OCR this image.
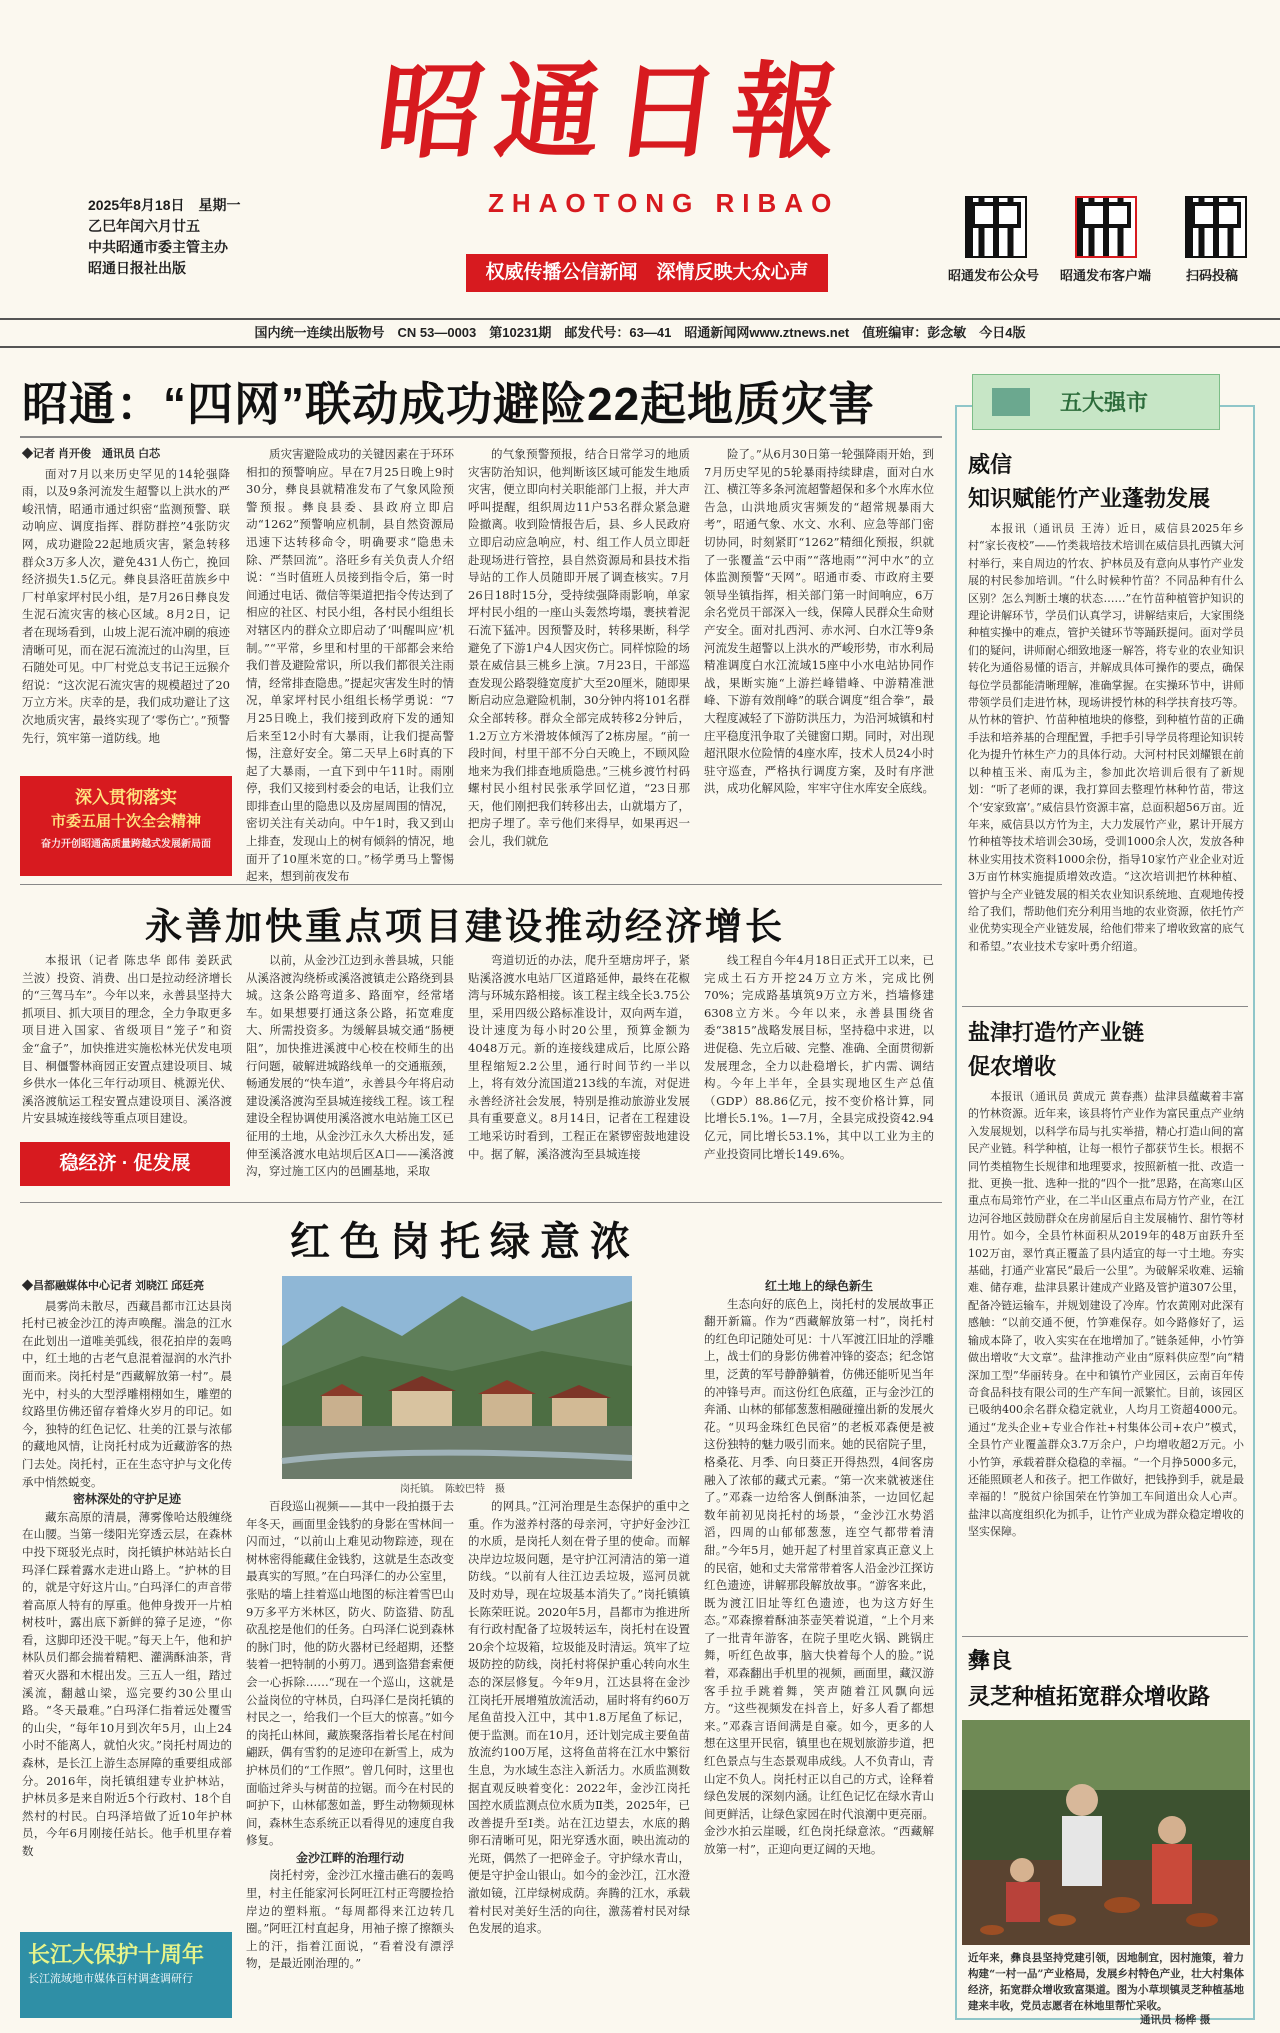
昭通日報
ZHAOTONG RIBAO
权威传播公信新闻　深情反映大众心声
2025年8月18日　星期一
乙巳年闰六月廿五
中共昭通市委主管主办
昭通日报社出版	昭通发布公众号 昭通发布客户端	扫码投稿
国内统一连续出版物号　CN 53—0003　第10231期　邮发代号：63—41　昭通新闻网www.ztnews.net　值班编审：彭念敏　今日4版
昭通：“四网”联动成功避险22起地质灾害
◆记者 肖开俊　通讯员 白芯

面对7月以来历史罕见的14轮强降雨，以及9条河流发生超警以上洪水的严峻汛情，昭通市通过织密“监测预警、联动响应、调度指挥、群防群控”4张防灾网，成功避险22起地质灾害，紧急转移群众3万多人次，避免431人伤亡，挽回经济损失1.5亿元。彝良县洛旺苗族乡中厂村单家坪村民小组，是7月26日彝良发生泥石流灾害的核心区域。8月2日，记者在现场看到，山坡上泥石流冲刷的痕迹清晰可见，而在泥石流流过的山沟里，巨石随处可见。中厂村党总支书记王远猴介绍说：“这次泥石流灾害的规模超过了20万立方米。庆幸的是，我们成功避让了这次地质灾害，最终实现了‘零伤亡’。”预警先行，筑牢第一道防线。地

质灾害避险成功的关键因素在于环环相扣的预警响应。早在7月25日晚上9时30分，彝良县就精准发布了气象风险预警预报。彝良县委、县政府立即启动“1262”预警响应机制，县自然资源局迅速下达转移命令，明确要求“隐患未除、严禁回流”。洛旺乡有关负责人介绍说：“当时值班人员接到指令后，第一时间通过电话、微信等渠道把指令传达到了相应的社区、村民小组，各村民小组组长对辖区内的群众立即启动了‘叫醒叫应’机制。”“平常，乡里和村里的干部都会来给我们普及避险常识，所以我们都很关注雨情，经常排查隐患。”提起灾害发生时的情况，单家坪村民小组组长杨学勇说：“7月25日晚上，我们接到政府下发的通知后来至12小时有大暴雨，让我们提高警惕，注意好安全。第二天早上6时真的下起了大暴雨，一直下到中午11时。雨刚停，我们又接到村委会的电话，让我们立即排查山里的隐患以及房屋周围的情况，密切关注有关动向。中午1时，我又到山上排查，发现山上的树有倾斜的情况，地面开了10厘米宽的口。”杨学勇马上警惕起来，想到前夜发布

的气象预警预报，结合日常学习的地质灾害防治知识，他判断该区域可能发生地质灾害，便立即向村关职能部门上报，并大声呼叫提醒，组织周边11户53名群众紧急避险撤离。收到险情报告后，县、乡人民政府立即启动应急响应，村、组工作人员立即赶赴现场进行管控，县自然资源局和县技术指导站的工作人员随即开展了调查核实。7月26日18时15分，受持续强降雨影响，单家坪村民小组的一座山头轰然垮塌，裹挟着泥石流下猛冲。因预警及时，转移果断，科学避免了下游1户4人因灾伤亡。同样惊险的场景在威信县三桃乡上演。7月23日，干部巡查发现公路裂缝宽度扩大至20厘米，随即果断启动应急避险机制，30分钟内将101名群众全部转移。群众全部完成转移2分钟后，1.2万立方米滑坡体倾泻了2栋房屋。“前一段时间，村里干部不分白天晚上，不顾风险地来为我们排查地质隐患。”三桃乡渡竹村码螺村民小组村民张承学回忆道，“23日那天，他们刚把我们转移出去，山就塌方了，把房子埋了。幸亏他们来得早，如果再迟一会儿，我们就危

险了。”从6月30日第一轮强降雨开始，到7月历史罕见的5轮暴雨持续肆虐，面对白水江、横江等多条河流超警超保和多个水库水位告急，山洪地质灾害频发的“超常规暴雨大考”，昭通气象、水文、水利、应急等部门密切协同，时刻紧盯“1262”精细化预报，织就了一张覆盖“云中雨”“落地雨”“河中水”的立体监测预警“天网”。昭通市委、市政府主要领导坐镇指挥，相关部门第一时间响应，6万余名党员干部深入一线，保障人民群众生命财产安全。面对扎西河、赤水河、白水江等9条河流发生超警以上洪水的严峻形势，市水利局精准调度白水江流域15座中小水电站协同作战，果断实施“上游拦峰错峰、中游精准泄峰、下游有效削峰”的联合调度“组合拳”，最大程度减轻了下游防洪压力，为沿河城镇和村庄平稳度汛争取了关键窗口期。同时，对出现超汛限水位险情的4座水库，技术人员24小时驻守巡查，严格执行调度方案，及时有序泄洪，成功化解风险，牢牢守住水库安全底线。

深入贯彻落实
市委五届十次全会精神
奋力开创昭通高质量跨越式发展新局面
永善加快重点项目建设推动经济增长

本报讯（记者 陈忠华 郎伟 姜跃武 兰波）投资、消费、出口是拉动经济增长的“三驾马车”。今年以来，永善县坚持大抓项目、抓大项目的理念，全力争取更多项目进入国家、省级项目“笼子”和资金“盒子”，加快推进实施松林光伏发电项目、桐僵警林商园正安置点建设项目、城乡供水一体化三年行动项目、桃源光伏、溪洛渡航运工程安置点建设项目、溪洛渡片安县城连接线等重点项目建设。

以前，从金沙江边到永善县城，只能从溪洛渡沟绕桥或溪洛渡镇走公路绕到县城。这条公路弯道多、路面窄，经常堵车。如果想要打通这条公路，拓宽难度大、所需投资多。为缓解县城交通“肠梗阻”，加快推进溪渡中心校在校师生的出行问题，破解进城路线单一的交通瓶颈，畅通发展的“快车道”，永善县今年将启动建设溪洛渡沟至县城连接线工程。该工程建设全程协调使用溪洛渡水电站施工区已征用的土地，从金沙江永久大桥出发，延伸至溪洛渡水电站坝后区A口——溪洛渡沟，穿过施工区内的邑圃基地，采取

弯道切近的办法，爬升至塘房坪子，紧贴溪洛渡水电站厂区道路延伸，最终在花椒湾与环城东路相接。该工程主线全长3.75公里，采用四级公路标准设计，双向两车道，设计速度为每小时20公里，预算金额为4048万元。新的连接线建成后，比原公路里程缩短2.2公里，通行时间节约一半以上，将有效分流国道213线的车流，对促进永善经济社会发展，特别是推动旅游业发展具有重要意义。8月14日，记者在工程建设工地采访时看到，工程正在紧锣密鼓地建设中。据了解，溪洛渡沟至县城连接

线工程自今年4月18日正式开工以来，已完成土石方开挖24万立方米，完成比例70%；完成路基填筑9万立方米，挡墙修建6308立方米。今年以来，永善县围绕省委“3815”战略发展目标，坚持稳中求进，以进促稳、先立后破、完整、准确、全面贯彻新发展理念，全力以赴稳增长，扩内需、调结构。今年上半年，全县实现地区生产总值（GDP）88.86亿元，按不变价格计算，同比增长5.1%。1—7月，全县完成投资42.94亿元，同比增长53.1%，其中以工业为主的产业投资同比增长149.6%。

稳经济 · 促发展
红色岗托绿意浓
◆昌都融媒体中心记者 刘晓江 邱廷亮

晨雾尚未散尽，西藏昌都市江达县岗托村已被金沙江的涛声唤醒。湍急的江水在此划出一道唯美弧线，很花拍岸的轰鸣中，红土地的古老气息混着湿润的水汽扑面而来。岗托村是“西藏解放第一村”。晨光中，村头的大型浮雕栩栩如生，雕塑的纹路里仿佛还留存着烽火岁月的印记。如今，独特的红色记忆、壮美的江景与浓郁的藏地风情，让岗托村成为近藏游客的热门去处。岗托村，正在生态守护与文化传承中悄然蜕变。

密林深处的守护足迹

藏东高原的清晨，薄雾像哈达般缠绕在山腰。当第一缕阳光穿透云层，在森林中投下斑驳光点时，岗托镇护林站站长白玛泽仁踩着露水走进山路上。“护林的目的，就是守好这片山。”白玛泽仁的声音带着高原人特有的厚重。他伸身拨开一片柏树枝叶，露出底下新鲜的獐子足迹，“你看，这脚印还没干呢。”每天上午，他和护林队员们都会揣着精粑、灌满酥油茶，背着灭火器和木棍出发。三五人一组，踏过溪流，翻越山梁，巡完要约30公里山路。“冬天最难。”白玛泽仁指着远处覆雪的山尖，“每年10月到次年5月，山上24小时不能离人，就怕火灾。”岗托村周边的森林，是长江上游生态屏障的重要组成部分。2016年，岗托镇组建专业护林站，护林员多是来自附近5个行政村、18个自然村的村民。白玛泽培做了近10年护林员，今年6月刚接任站长。他手机里存着数

岗托镇。　陈蛟巴特　摄

百段巡山视频——其中一段拍摄于去年冬天，画面里金钱豹的身影在雪林间一闪而过，“以前山上难见动物踪迹，现在树林密得能藏住金钱豹，这就是生态改变最真实的写照。”在白玛泽仁的办公室里，张贴的墙上挂着巡山地图的标注着雪巴山9万多平方米林区，防火、防盗猎、防乱砍乱挖是他们的任务。白玛泽仁说到森林的脉门时，他的防火器材已经超期，还整装着一把特制的小剪刀。遇到盗猎套索便会一心拆除……“现在一个巡山，这就是公益岗位的守林员，白玛泽仁是岗托镇的村民之一，给我们一个巨大的惊喜。”如今的岗托山林间，藏族聚落指着长尾在村间翩跃，偶有雪豹的足迹印在新雪上，成为护林员们的“工作照”。曾几何时，这里也面临过斧头与树苗的拉锯。而今在村民的呵护下，山林郁葱如盖，野生动物频现林间，森林生态系统正以看得见的速度自我修复。

金沙江畔的治理行动

岗托村旁，金沙江水撞击礁石的轰鸣里，村主任能家河长阿旺江村正弯腰捡拾岸边的塑料瓶。“每周都得来江边转几圈。”阿旺江村直起身，用袖子擦了擦额头上的汗，指着江面说，“看着没有漂浮物，是最近刚治理的。”

的网具。”江河治理是生态保护的重中之重。作为滋养村落的母亲河，守护好金沙江的水质，是岗托人刻在骨子里的使命。而解决岸边垃圾问题，是守护江河清洁的第一道防线。“以前有人往江边丢垃圾，巡河员就及时劝导，现在垃圾基本消失了。”岗托镇镇长陈荣旺说。2020年5月，昌都市为推进所有行政村配备了垃圾转运车，岗托村在设置20余个垃圾箱，垃圾能及时清运。筑牢了垃圾防控的防线，岗托村将保护重心转向水生态的深层修复。今年9月，江达县将在金沙江岗托开展增殖放流活动，届时将有约60万尾鱼苗投入江中，其中1.8万尾鱼了标记，便于监测。而在10月，还计划完成主要鱼苗放流约100万尾，这将鱼苗将在江水中繁衍生息，为水域生态注入新活力。水质监测数据直观反映着变化：2022年，金沙江岗托国控水质监测点位水质为Ⅱ类，2025年，已改善提升至Ⅰ类。站在江边望去，水底的鹅卵石清晰可见，阳光穿透水面，映出流动的光斑，偶然了一把碎金子。守护绿水青山，便是守护金山银山。如今的金沙江，江水澄澈如镜，江岸绿树成荫。奔腾的江水，承载着村民对美好生活的向往，激荡着村民对绿色发展的追求。

红土地上的绿色新生

生态向好的底色上，岗托村的发展故事正翻开新篇。作为“西藏解放第一村”，岗托村的红色印记随处可见：十八军渡江旧址的浮雕上，战士们的身影仿佛着冲锋的姿态；纪念馆里，泛黄的军号静静躺着，仿佛还能听见当年的冲锋号声。而这份红色底蕴，正与金沙江的奔涌、山林的郁郁葱葱相融碰撞出新的发展火花。“贝玛金珠红色民宿”的老板邓森便是被这份独特的魅力吸引而来。她的民宿院子里，格桑花、月季、向日葵正开得热烈，4间客房融入了浓郁的藏式元素。“第一次来就被迷住了。”邓森一边给客人倒酥油茶，一边回忆起数年前初见岗托村的场景，“金沙江水势滔滔，四周的山郁郁葱葱，连空气都带着清甜。”今年5月，她开起了村里首家真正意义上的民宿，她和丈夫常常带着客人沿金沙江探访红色遗迹，讲解那段解放故事。“游客来此，既为渡江旧址等红色遗迹，也为这方好生态。”邓森擦着酥油茶壶笑着说道，“上个月来了一批青年游客，在院子里吃火锅、跳锅庄舞，听红色故事，脑大快着每个人的脸。”说着，邓森翻出手机里的视频，画面里，藏汉游客手拉手跳着舞，笑声随着江风飘向远方。“这些视频发在抖音上，好多人看了都想来。”邓森言语间满是自豪。如今，更多的人想在这里开民宿，镇里也在规划旅游步道，把红色景点与生态景观串成线。人不负青山，青山定不负人。岗托村正以自己的方式，诠释着绿色发展的深刻内涵。让红色记忆在绿水青山间更鲜活，让绿色家园在时代浪潮中更亮丽。金沙水拍云崖暖，红色岗托绿意浓。“西藏解放第一村”，正迎向更辽阔的天地。

长江大保护十周年
长江流域地市媒体百村调查调研行
五大强市
威信
知识赋能竹产业蓬勃发展

本报讯（通讯员 王涛）近日，威信县2025年乡村“家长夜校”——竹类栽培技术培训在威信县扎西镇大河村举行，来自周边的竹农、护林员及有意向从事竹产业发展的村民参加培训。“什么时候种竹苗？不同品种有什么区别？怎么判断土壤的状态……”在竹苗种植管护知识的理论讲解环节，学员们认真学习，讲解结束后，大家围绕种植实操中的难点，管护关键环节等踊跃提问。面对学员们的疑问，讲师耐心细致地逐一解答，将专业的农业知识转化为通俗易懂的语言，并解成具体可操作的要点，确保每位学员都能清晰理解，准确掌握。在实操环节中，讲师带领学员们走进竹林，现场讲授竹林的科学扶育技巧等。从竹林的管护、竹苗种植地块的修整，到种植竹苗的正确手法和培养基的合理配置，手把手引导学员将理论知识转化为提升竹林生产力的具体行动。大河村村民刘耀银在前以种植玉米、南瓜为主，参加此次培训后很有了新规划：“听了老师的课，我打算回去整理竹林种竹苗，带这个‘安家致富’。”威信县竹资源丰富，总面积超56万亩。近年来，威信县以方竹为主，大力发展竹产业，累计开展方竹种植等技术培训会30场，受训1000余人次，发放各种林业实用技术资料1000余份，指导10家竹产业企业对近3万亩竹林实施提质增效改造。“这次培训把竹林种植、管护与全产业链发展的相关农业知识系统地、直观地传授给了我们，帮助他们充分利用当地的农业资源，依托竹产业优势实现全产业链发展，给他们带来了增收致富的底气和希望。”农业技术专家叶勇介绍道。

盐津打造竹产业链
促农增收

本报讯（通讯员 黄成元 黄春燕）盐津县蕴藏着丰富的竹林资源。近年来，该县将竹产业作为富民重点产业纳入发展规划，以科学布局与扎实举措，精心打造山间的富民产业链。科学种植，让每一根竹子都获节生长。根据不同竹类植物生长规律和地理要求，按照新植一批、改造一批、更换一批、选种一批的“四个一批”思路，在高寒山区重点布局筇竹产业，在二半山区重点布局方竹产业，在江边河谷地区鼓励群众在房前屋后自主发展楠竹、甜竹等材用竹。如今，全县竹林面积从2019年的48万亩跃升至102万亩，翠竹真正覆盖了县内适宜的每一寸土地。夯实基础，打通产业富民“最后一公里”。为破解采收难、运输难、储存难，盐津县累计建成产业路及管护道307公里，配备冷链运输车，并规划建设了冷库。竹农黄刚对此深有感触：“以前交通不便，竹笋难保存。如今路修好了，运输成本降了，收入实实在在地增加了。”链条延伸，小竹笋做出增收“大文章”。盐津推动产业由“原料供应型”向“精深加工型”华丽转身。在中和镇竹产业园区，云南百年传奇食品科技有限公司的生产车间一派繁忙。目前，该园区已吸纳400余名群众稳定就业，人均月工资超4000元。通过“龙头企业+专业合作社+村集体公司+农户”模式，全县竹产业覆盖群众3.7万余户，户均增收超2万元。小小竹笋，承载着群众稳稳的幸福。“一个月挣5000多元，还能照顾老人和孩子。把工作做好，把钱挣到手，就是最幸福的！”脱贫户徐国荣在竹笋加工车间道出众人心声。盐津以高度组织化为抓手，让竹产业成为群众稳定增收的坚实保障。

彝良
灵芝种植拓宽群众增收路
近年来，彝良县坚持党建引领，因地制宜，因村施策，着力构建“一村一品”产业格局，发展乡村特色产业，壮大村集体经济，拓宽群众增收致富渠道。图为小草坝镇灵芝种植基地建来丰收，党员志愿者在林地里帮忙采收。
通讯员 杨桦 摄
